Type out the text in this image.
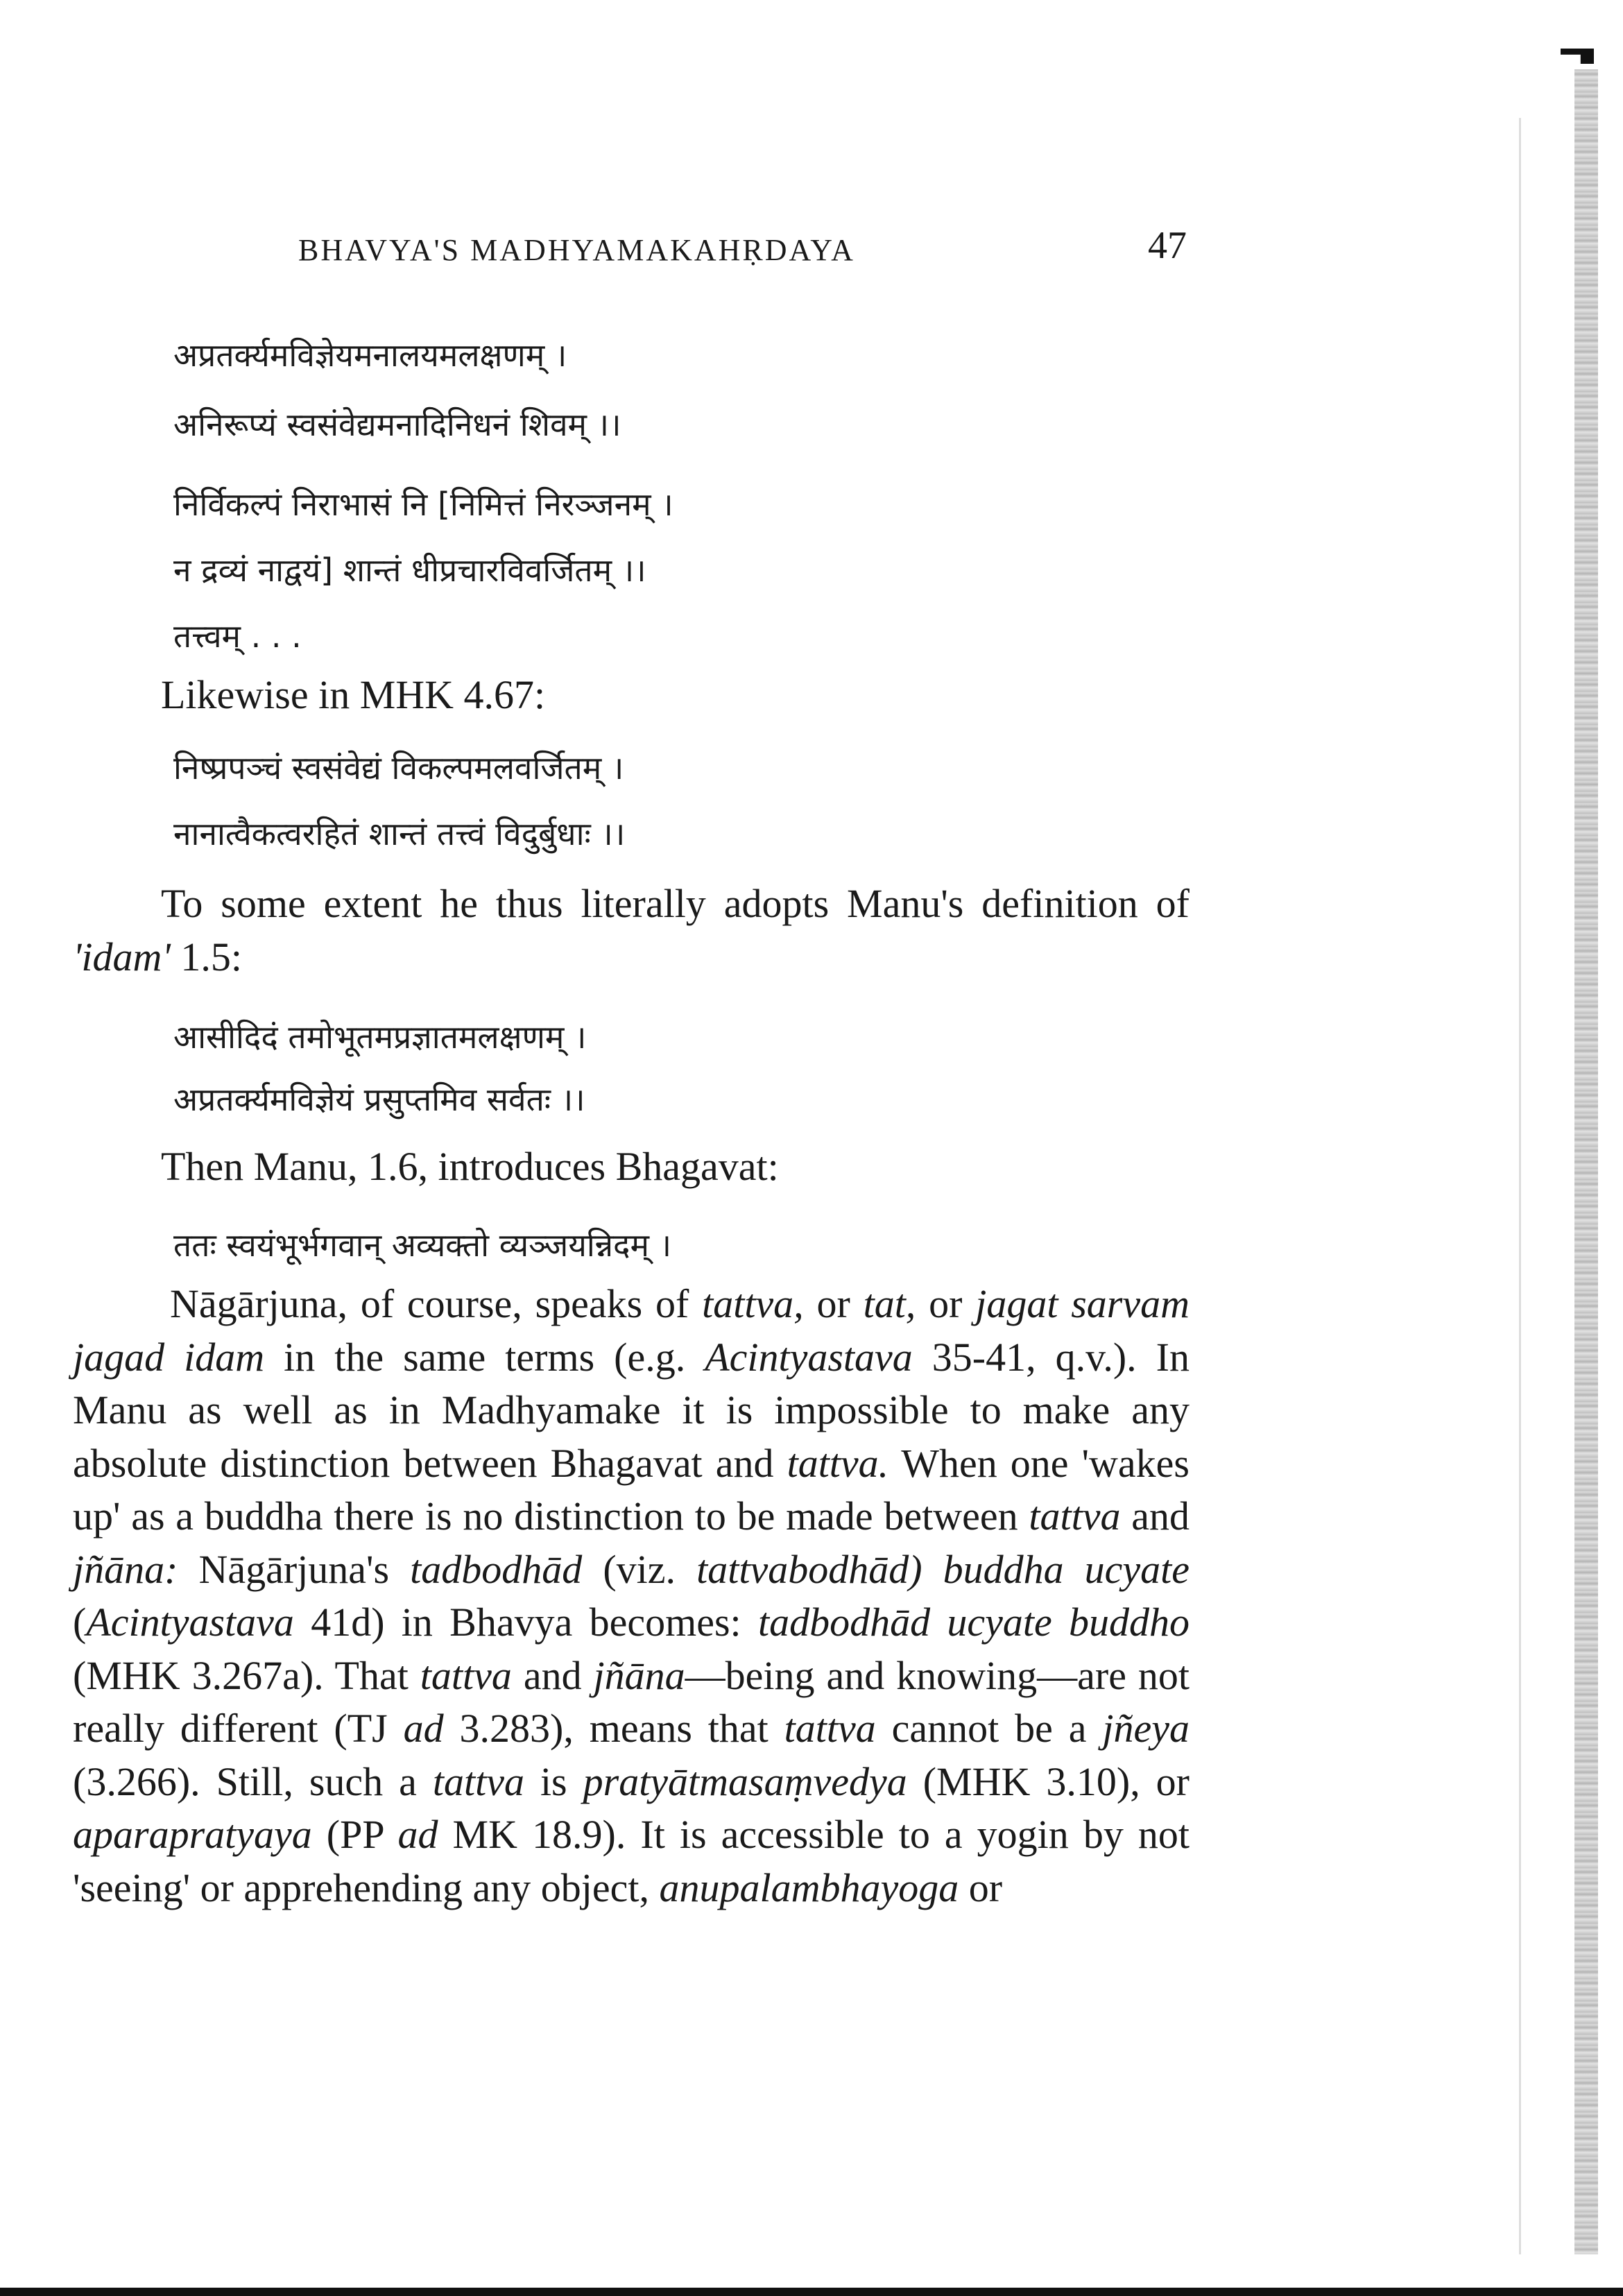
BHAVYA'S MADHYAMAKAHṚDAYA	47
अप्रतर्क्यमविज्ञेयमनालयमलक्षणम् ।
अनिरूप्यं स्वसंवेद्यमनादिनिधनं शिवम् ।।
निर्विकल्पं निराभासं नि [निमित्तं निरञ्जनम् ।
न द्रव्यं नाद्वयं] शान्तं धीप्रचारविवर्जितम् ।।
तत्त्वम् . . .
Likewise in MHK 4.67:
निष्प्रपञ्चं स्वसंवेद्यं विकल्पमलवर्जितम् ।
नानात्वैकत्वरहितं शान्तं तत्त्वं विदुर्बुधाः ।।
To some extent he thus literally adopts Manu's definition of 'idam' 1.5:
आसीदिदं तमोभूतमप्रज्ञातमलक्षणम् ।
अप्रतर्क्यमविज्ञेयं प्रसुप्तमिव सर्वतः ।।
Then Manu, 1.6, introduces Bhagavat:
ततः स्वयंभूर्भगवान् अव्यक्तो व्यञ्जयन्निदम् ।
Nāgārjuna, of course, speaks of tattva, or tat, or jagat sarvam jagad idam in the same terms (e.g. Acintyastava 35-41, q.v.). In Manu as well as in Madhyamake it is impossible to make any absolute distinction between Bhagavat and tattva. When one 'wakes up' as a buddha there is no distinction to be made between tattva and jñāna: Nāgārjuna's tadbodhād (viz. tattvabodhād) buddha ucyate (Acintyastava 41d) in Bhavya becomes: tadbodhād ucyate buddho (MHK 3.267a). That tattva and jñāna—being and knowing—are not really different (TJ ad 3.283), means that tattva cannot be a jñeya (3.266). Still, such a tattva is pratyātmasaṃvedya (MHK 3.10), or aparapratyaya (PP ad MK 18.9). It is accessible to a yogin by not 'seeing' or apprehending any object, anupalambhayoga or
